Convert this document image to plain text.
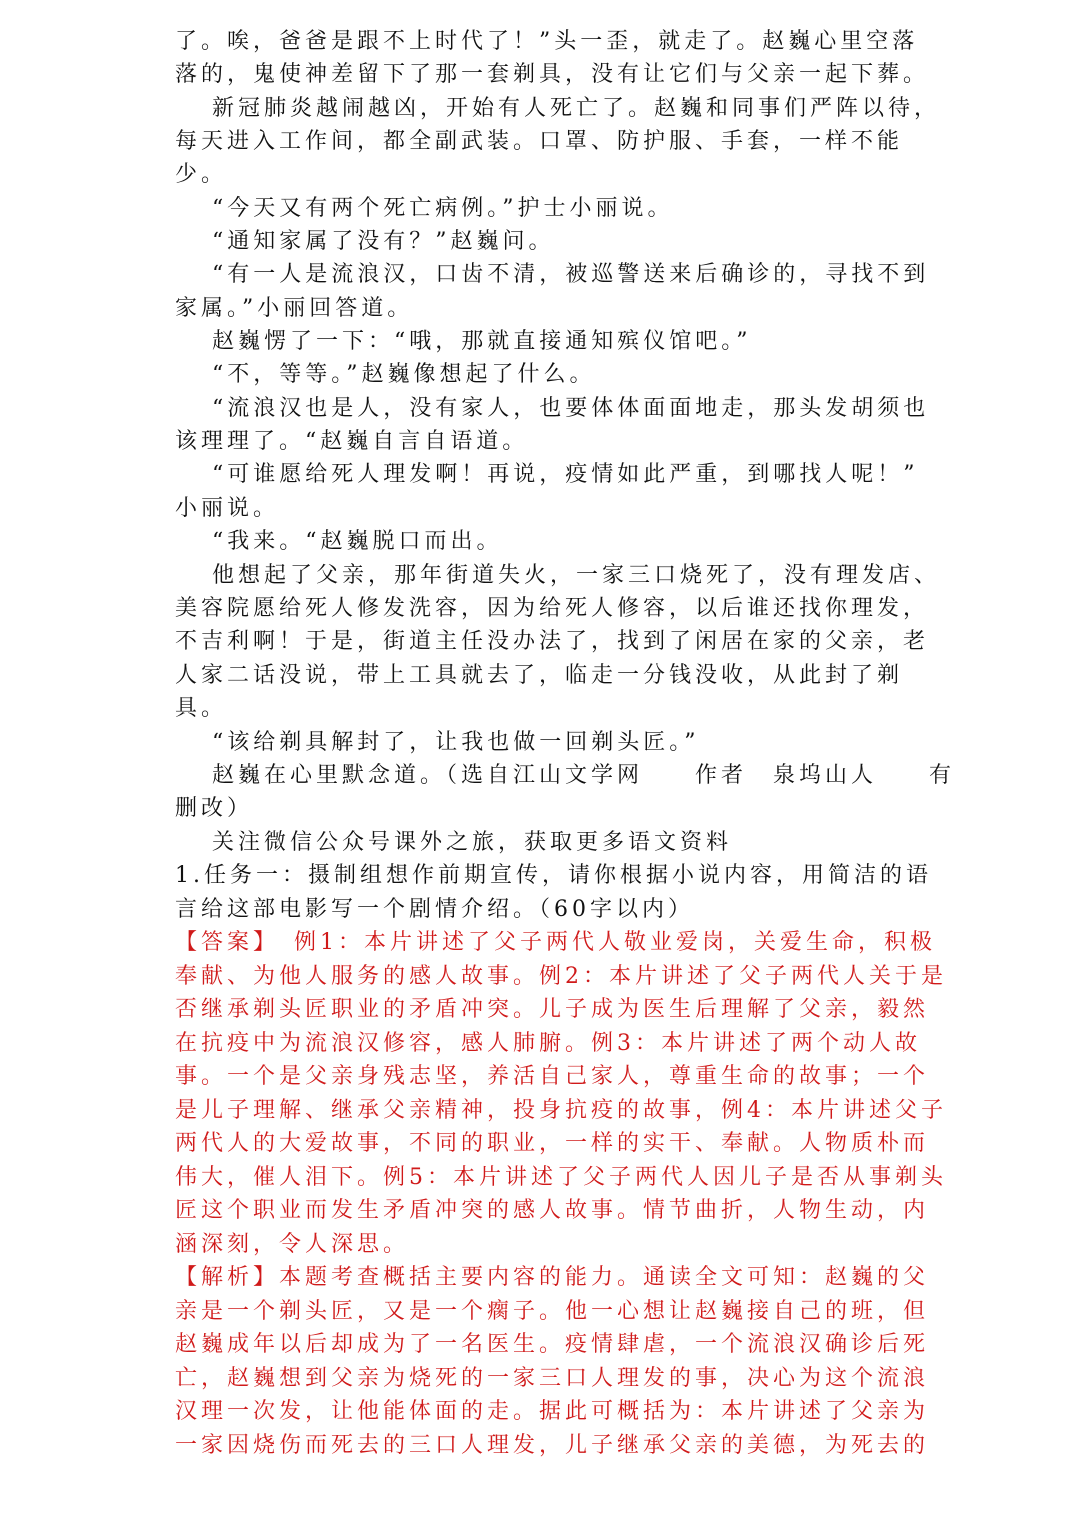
了。唉，爸爸是跟不上时代了！”头一歪，就走了。赵巍心里空落
落的，鬼使神差留下了那一套剃具，没有让它们与父亲一起下葬。
新冠肺炎越闹越凶，开始有人死亡了。赵巍和同事们严阵以待，
每天进入工作间，都全副武装。口罩、防护服、手套，一样不能
少。
“今天又有两个死亡病例。”护士小丽说。
“通知家属了没有？”赵巍问。
“有一人是流浪汉，口齿不清，被巡警送来后确诊的，寻找不到
家属。”小丽回答道。
赵巍愣了一下：“哦，那就直接通知殡仪馆吧。”
“不，等等。”赵巍像想起了什么。
“流浪汉也是人，没有家人，也要体体面面地走，那头发胡须也
该理理了。“赵巍自言自语道。
“可谁愿给死人理发啊！再说，疫情如此严重，到哪找人呢！”
小丽说。
“我来。“赵巍脱口而出。
他想起了父亲，那年街道失火，一家三口烧死了，没有理发店、
美容院愿给死人修发洗容，因为给死人修容，以后谁还找你理发，
不吉利啊！于是，街道主任没办法了，找到了闲居在家的父亲，老
人家二话没说，带上工具就去了，临走一分钱没收，从此封了剃
具。
“该给剃具解封了，让我也做一回剃头匠。”
赵巍在心里默念道。（选自江山文学网　　作者　泉坞山人　　有
删改）
关注微信公众号课外之旅，获取更多语文资料
1.任务一：摄制组想作前期宣传，请你根据小说内容，用简洁的语
言给这部电影写一个剧情介绍。（60字以内）
【答案】　例1：本片讲述了父子两代人敬业爱岗，关爱生命，积极
奉献、为他人服务的感人故事。例2：本片讲述了父子两代人关于是
否继承剃头匠职业的矛盾冲突。儿子成为医生后理解了父亲，毅然
在抗疫中为流浪汉修容，感人肺腑。例3：本片讲述了两个动人故
事。一个是父亲身残志坚，养活自己家人，尊重生命的故事；一个
是儿子理解、继承父亲精神，投身抗疫的故事，例4：本片讲述父子
两代人的大爱故事，不同的职业，一样的实干、奉献。人物质朴而
伟大，催人泪下。例5：本片讲述了父子两代人因儿子是否从事剃头
匠这个职业而发生矛盾冲突的感人故事。情节曲折，人物生动，内
涵深刻，令人深思。
【解析】本题考查概括主要内容的能力。通读全文可知：赵巍的父
亲是一个剃头匠，又是一个瘸子。他一心想让赵巍接自己的班，但
赵巍成年以后却成为了一名医生。疫情肆虐，一个流浪汉确诊后死
亡，赵巍想到父亲为烧死的一家三口人理发的事，决心为这个流浪
汉理一次发，让他能体面的走。据此可概括为：本片讲述了父亲为
一家因烧伤而死去的三口人理发，儿子继承父亲的美德，为死去的
